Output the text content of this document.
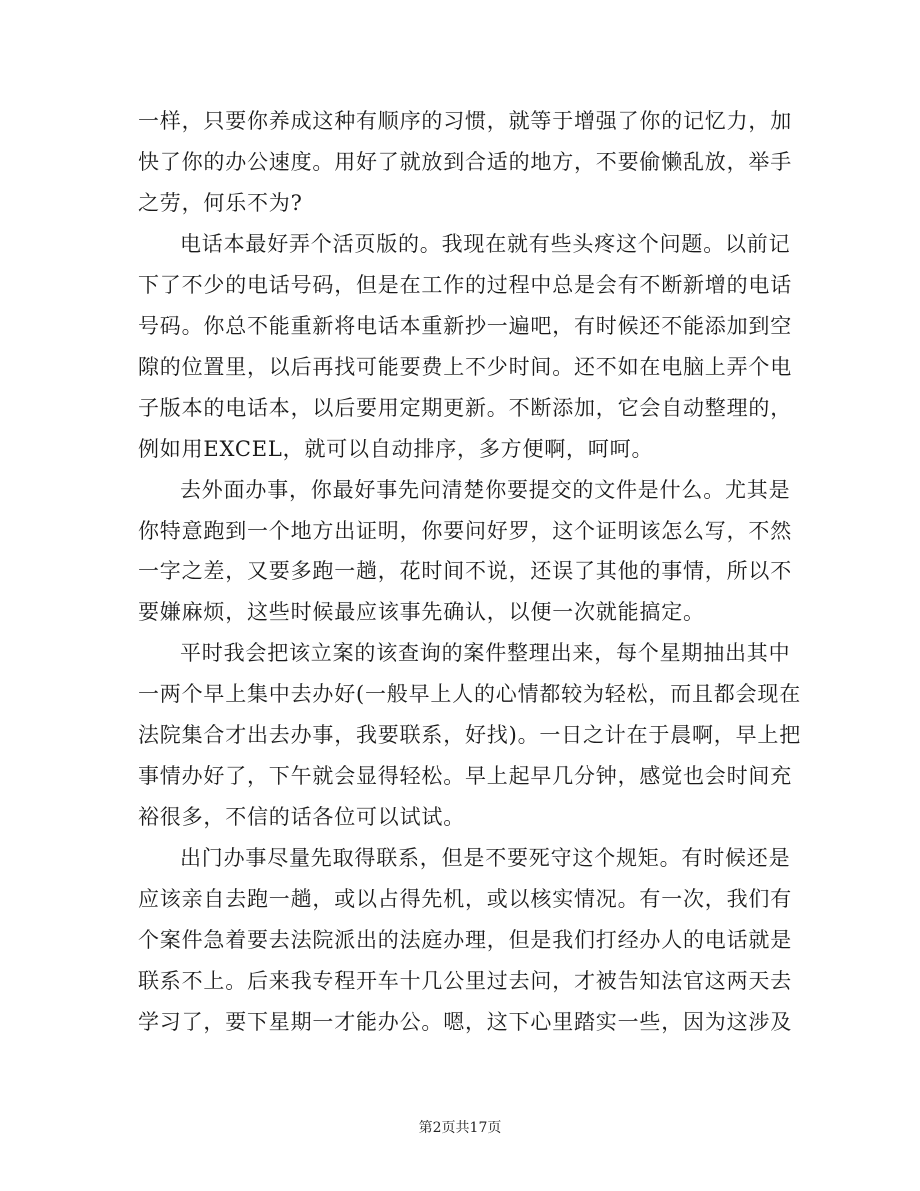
一样，只要你养成这种有顺序的习惯，就等于增强了你的记忆力，加
快了你的办公速度。用好了就放到合适的地方，不要偷懒乱放，举手
之劳，何乐不为?
电话本最好弄个活页版的。我现在就有些头疼这个问题。以前记
下了不少的电话号码，但是在工作的过程中总是会有不断新增的电话
号码。你总不能重新将电话本重新抄一遍吧，有时候还不能添加到空
隙的位置里，以后再找可能要费上不少时间。还不如在电脑上弄个电
子版本的电话本，以后要用定期更新。不断添加，它会自动整理的，
例如用EXCEL，就可以自动排序，多方便啊，呵呵。
去外面办事，你最好事先问清楚你要提交的文件是什么。尤其是
你特意跑到一个地方出证明，你要问好罗，这个证明该怎么写，不然
一字之差，又要多跑一趟，花时间不说，还误了其他的事情，所以不
要嫌麻烦，这些时候最应该事先确认，以便一次就能搞定。
平时我会把该立案的该查询的案件整理出来，每个星期抽出其中
一两个早上集中去办好(一般早上人的心情都较为轻松，而且都会现在
法院集合才出去办事，我要联系，好找)。一日之计在于晨啊，早上把
事情办好了，下午就会显得轻松。早上起早几分钟，感觉也会时间充
裕很多，不信的话各位可以试试。
出门办事尽量先取得联系，但是不要死守这个规矩。有时候还是
应该亲自去跑一趟，或以占得先机，或以核实情况。有一次，我们有
个案件急着要去法院派出的法庭办理，但是我们打经办人的电话就是
联系不上。后来我专程开车十几公里过去问，才被告知法官这两天去
学习了，要下星期一才能办公。嗯，这下心里踏实一些，因为这涉及
第2页共17页
